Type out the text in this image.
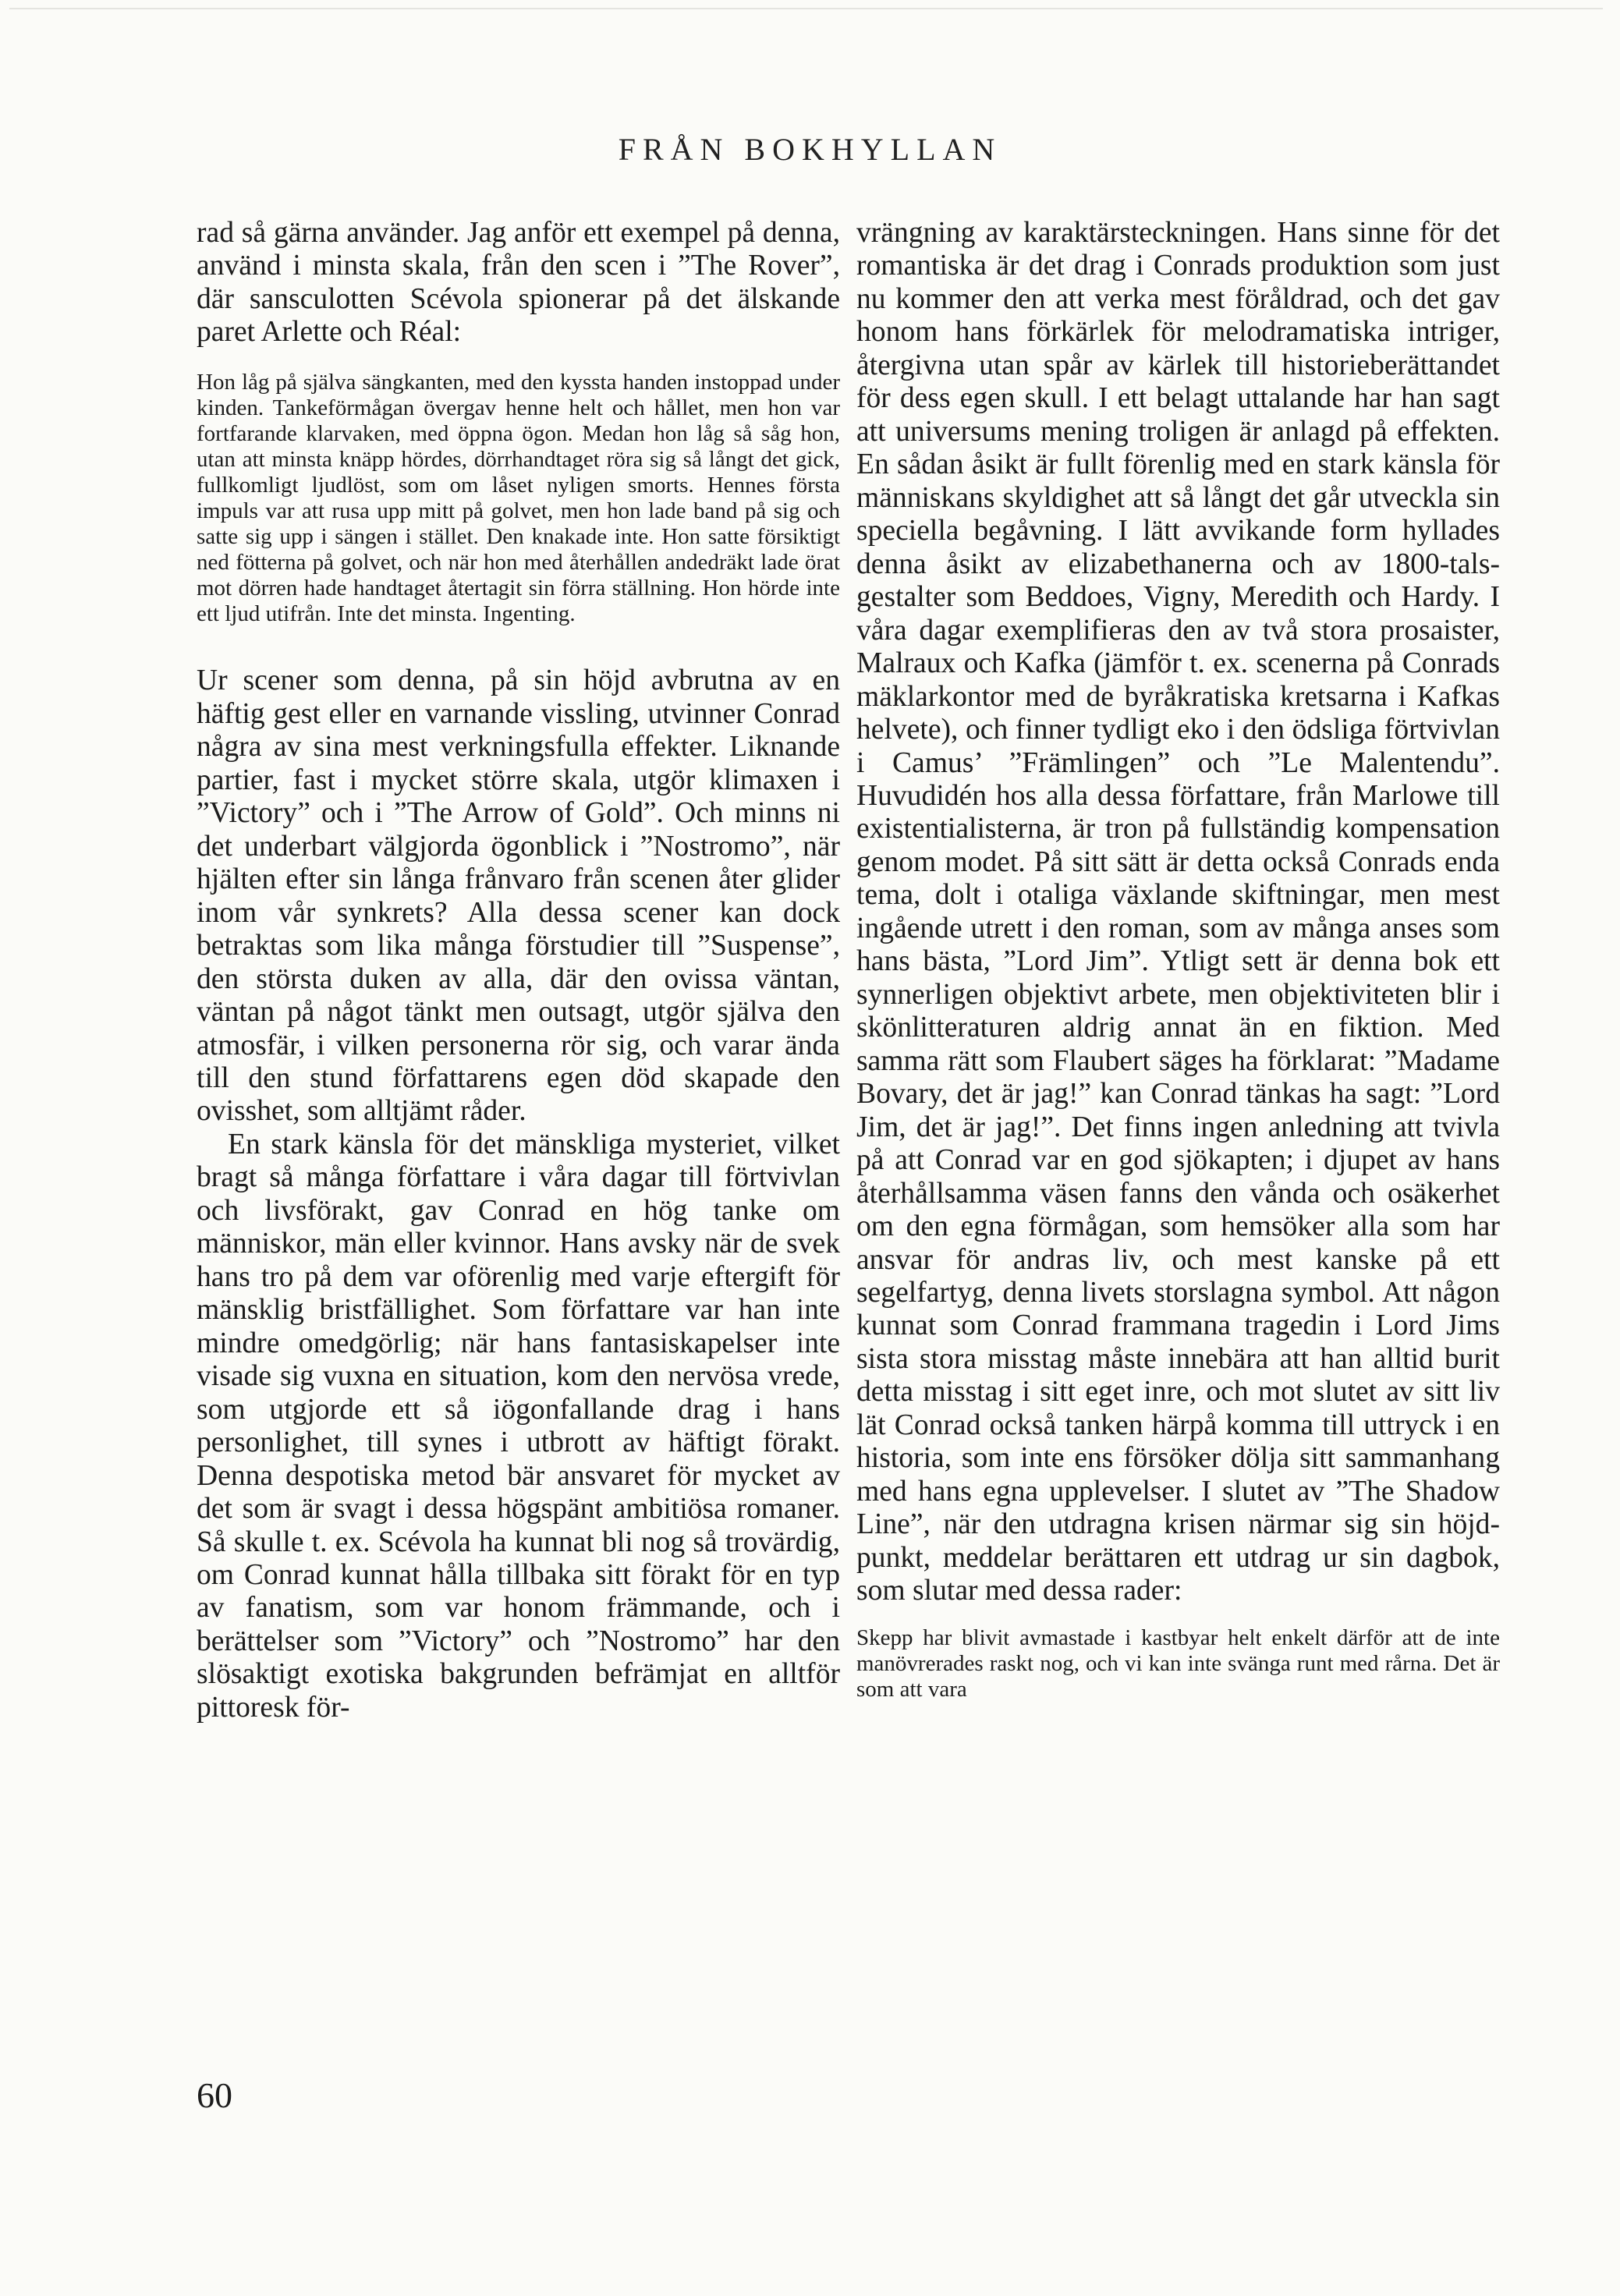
FRÅN BOKHYLLAN

rad så gärna använder. Jag anför ett exempel på denna, använd i minsta skala, från den scen i ”The Rover”, där sansculotten Scévola spionerar på det älskande paret Arlette och Réal:

Hon låg på själva sängkanten, med den kyssta handen instoppad under kinden. Tankeförmågan övergav henne helt och hållet, men hon var fortfarande klarvaken, med öppna ögon. Medan hon låg så såg hon, utan att minsta knäpp hördes, dörrhandtaget röra sig så långt det gick, fullkomligt ljudlöst, som om låset nyligen smorts. Hennes första impuls var att rusa upp mitt på golvet, men hon lade band på sig och satte sig upp i sängen i stället. Den knakade inte. Hon satte försiktigt ned fötterna på golvet, och när hon med återhållen andedräkt lade örat mot dörren hade handtaget återtagit sin förra ställning. Hon hörde inte ett ljud utifrån. Inte det minsta. Ingenting.

Ur scener som denna, på sin höjd avbrutna av en häftig gest eller en varnande vissling, utvinner Conrad några av sina mest verkningsfulla effekter. Liknande partier, fast i mycket större skala, utgör klimaxen i ”Victory” och i ”The Arrow of Gold”. Och minns ni det underbart välgjorda ögonblick i ”Nostromo”, när hjälten efter sin långa frånvaro från scenen åter glider inom vår synkrets? Alla dessa scener kan dock betraktas som lika många förstudier till ”Suspense”, den största duken av alla, där den ovissa väntan, väntan på något tänkt men outsagt, utgör själva den atmosfär, i vilken personerna rör sig, och varar ända till den stund författarens egen död skapade den ovisshet, som alltjämt råder.

En stark känsla för det mänskliga mysteriet, vilket bragt så många författare i våra dagar till förtvivlan och livsförakt, gav Conrad en hög tanke om människor, män eller kvinnor. Hans avsky när de svek hans tro på dem var oförenlig med varje eftergift för mänsklig bristfällighet. Som författare var han inte mindre omedgörlig; när hans fantasiskapelser inte visade sig vuxna en situation, kom den nervösa vrede, som utgjorde ett så iögonfallande drag i hans personlighet, till synes i utbrott av häftigt förakt. Denna despotiska metod bär ansvaret för mycket av det som är svagt i dessa högspänt ambitiösa romaner. Så skulle t. ex. Scévola ha kunnat bli nog så trovärdig, om Conrad kunnat hålla tillbaka sitt förakt för en typ av fanatism, som var honom främmande, och i berättelser som ”Victory” och ”Nostromo” har den slösaktigt exotiska bakgrunden befrämjat en alltför pittoresk för-

vrängning av karaktärsteckningen. Hans sinne för det romantiska är det drag i Conrads produktion som just nu kommer den att verka mest föråldrad, och det gav honom hans förkärlek för melodramatiska intriger, återgivna utan spår av kärlek till historieberättandet för dess egen skull. I ett belagt uttalande har han sagt att universums mening troligen är anlagd på effekten. En sådan åsikt är fullt förenlig med en stark känsla för människans skyldighet att så långt det går utveckla sin speciella begåvning. I lätt avvikande form hyllades denna åsikt av elizabethanerna och av 1800-talsgestalter som Beddoes, Vigny, Meredith och Hardy. I våra dagar exemplifieras den av två stora prosaister, Malraux och Kafka (jämför t. ex. scenerna på Conrads mäklarkontor med de byråkratiska kretsarna i Kafkas helvete), och finner tydligt eko i den ödsliga förtvivlan i Camus’ ”Främlingen” och ”Le Malentendu”. Huvudidén hos alla dessa författare, från Marlowe till existentialisterna, är tron på fullständig kompensation genom modet. På sitt sätt är detta också Conrads enda tema, dolt i otaliga växlande skiftningar, men mest ingående utrett i den roman, som av många anses som hans bästa, ”Lord Jim”. Ytligt sett är denna bok ett synnerligen objektivt arbete, men objektiviteten blir i skönlitteraturen aldrig annat än en fiktion. Med samma rätt som Flaubert säges ha förklarat: ”Madame Bovary, det är jag!” kan Conrad tänkas ha sagt: ”Lord Jim, det är jag!”. Det finns ingen anledning att tvivla på att Conrad var en god sjökapten; i djupet av hans återhållsamma väsen fanns den vånda och osäkerhet om den egna förmågan, som hemsöker alla som har ansvar för andras liv, och mest kanske på ett segelfartyg, denna livets storslagna symbol. Att någon kunnat som Conrad frammana tragedin i Lord Jims sista stora misstag måste innebära att han alltid burit detta misstag i sitt eget inre, och mot slutet av sitt liv lät Conrad också tanken härpå komma till uttryck i en historia, som inte ens försöker dölja sitt sammanhang med hans egna upplevelser. I slutet av ”The Shadow Line”, när den utdragna krisen närmar sig sin höjdpunkt, meddelar berättaren ett utdrag ur sin dagbok, som slutar med dessa rader:

Skepp har blivit avmastade i kastbyar helt enkelt därför att de inte manövrerades raskt nog, och vi kan inte svänga runt med rårna. Det är som att vara

60
